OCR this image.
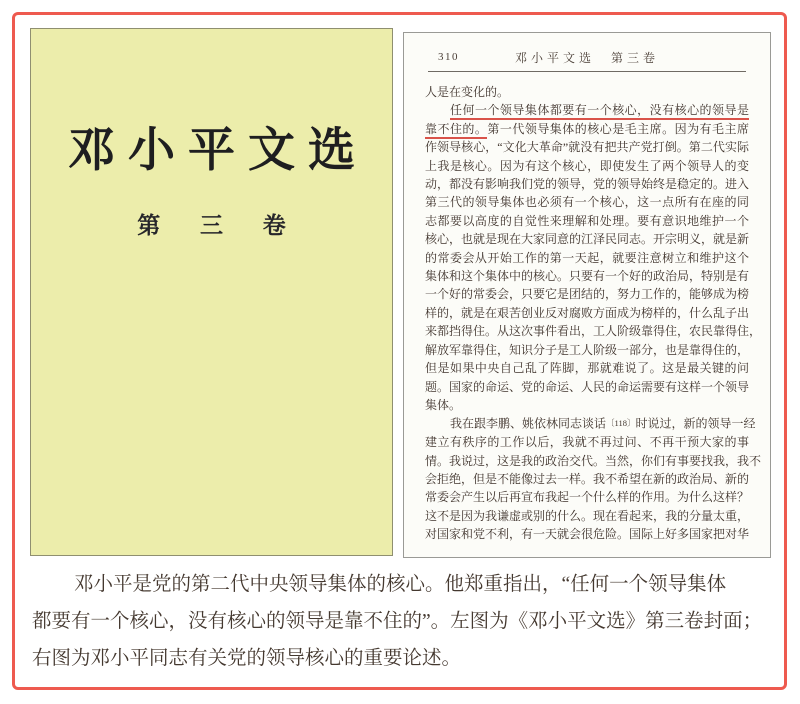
邓小平文选
第 三 卷
310	邓小平文选　第三卷
人是在变化的。
任何一个领导集体都要有一个核心，没有核心的领导是
靠不住的。第一代领导集体的核心是毛主席。因为有毛主席
作领导核心，“文化大革命”就没有把共产党打倒。第二代实际
上我是核心。因为有这个核心，即使发生了两个领导人的变
动，都没有影响我们党的领导，党的领导始终是稳定的。进入
第三代的领导集体也必须有一个核心，这一点所有在座的同
志都要以高度的自觉性来理解和处理。要有意识地维护一个
核心，也就是现在大家同意的江泽民同志。开宗明义，就是新
的常委会从开始工作的第一天起，就要注意树立和维护这个
集体和这个集体中的核心。只要有一个好的政治局，特别是有
一个好的常委会，只要它是团结的，努力工作的，能够成为榜
样的，就是在艰苦创业反对腐败方面成为榜样的，什么乱子出
来都挡得住。从这次事件看出，工人阶级靠得住，农民靠得住，
解放军靠得住，知识分子是工人阶级一部分，也是靠得住的，
但是如果中央自己乱了阵脚，那就难说了。这是最关键的问
题。国家的命运、党的命运、人民的命运需要有这样一个领导
集体。
我在跟李鹏、姚依林同志谈话〔118〕时说过，新的领导一经
建立有秩序的工作以后，我就不再过问、不再干预大家的事
情。我说过，这是我的政治交代。当然，你们有事要找我，我不
会拒绝，但是不能像过去一样。我不希望在新的政治局、新的
常委会产生以后再宣布我起一个什么样的作用。为什么这样？
这不是因为我谦虚或别的什么。现在看起来，我的分量太重，
对国家和党不利，有一天就会很危险。国际上好多国家把对华
邓小平是党的第二代中央领导集体的核心。他郑重指出，“任何一个领导集体
都要有一个核心，没有核心的领导是靠不住的”。左图为《邓小平文选》第三卷封面；
右图为邓小平同志有关党的领导核心的重要论述。
